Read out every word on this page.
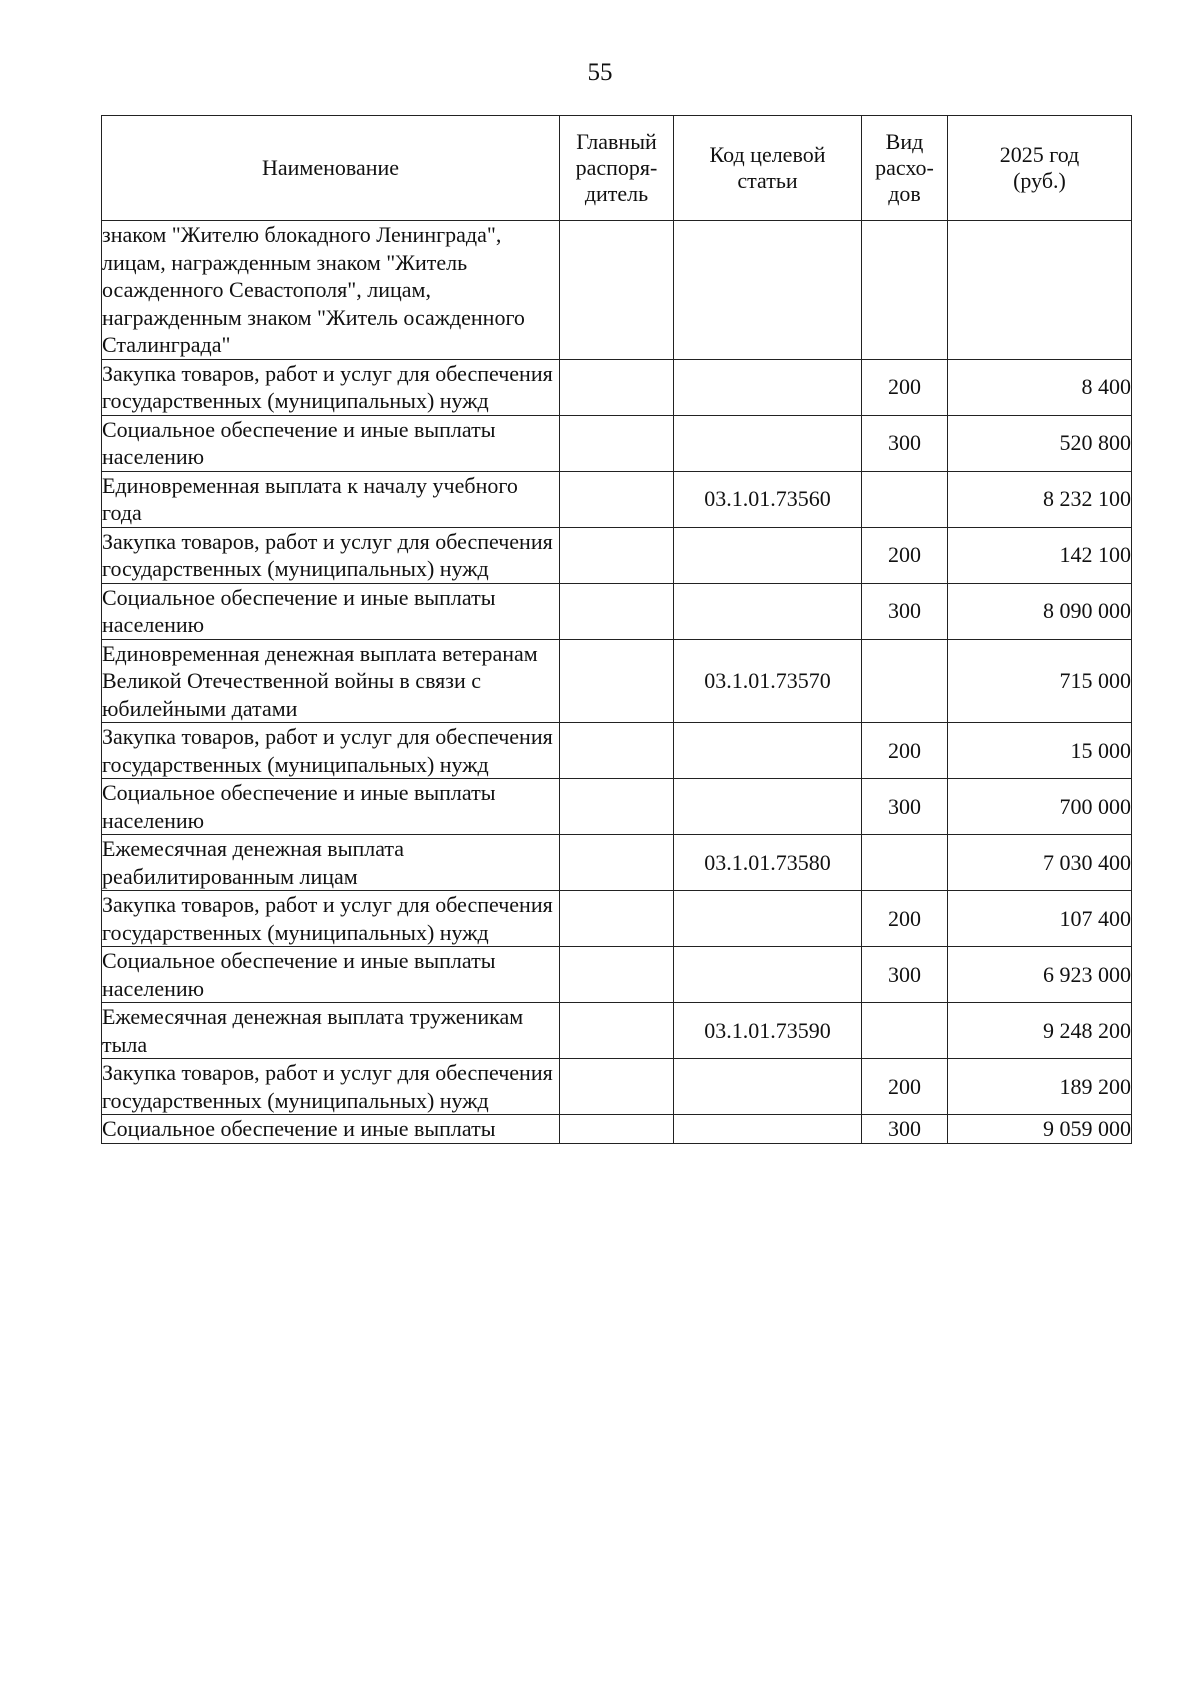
55
Наименование	Главный распоря-дитель	Код целевой статьи	Вид расхо-дов	2025 год (руб.)
знаком "Жителю блокадного Ленинграда", лицам, награжденным знаком "Житель осажденного Севастополя", лицам, награжденным знаком "Житель осажденного Сталинграда"				
Закупка товаров, работ и услуг для обеспечения государственных (муниципальных) нужд			200	8 400
Социальное обеспечение и иные выплаты населению			300	520 800
Единовременная выплата к началу учебного года		03.1.01.73560		8 232 100
Закупка товаров, работ и услуг для обеспечения государственных (муниципальных) нужд			200	142 100
Социальное обеспечение и иные выплаты населению			300	8 090 000
Единовременная денежная выплата ветеранам Великой Отечественной войны в связи с юбилейными датами		03.1.01.73570		715 000
Закупка товаров, работ и услуг для обеспечения государственных (муниципальных) нужд			200	15 000
Социальное обеспечение и иные выплаты населению			300	700 000
Ежемесячная денежная выплата реабилитированным лицам		03.1.01.73580		7 030 400
Закупка товаров, работ и услуг для обеспечения государственных (муниципальных) нужд			200	107 400
Социальное обеспечение и иные выплаты населению			300	6 923 000
Ежемесячная денежная выплата труженикам тыла		03.1.01.73590		9 248 200
Закупка товаров, работ и услуг для обеспечения государственных (муниципальных) нужд			200	189 200
Социальное обеспечение и иные выплаты			300	9 059 000
